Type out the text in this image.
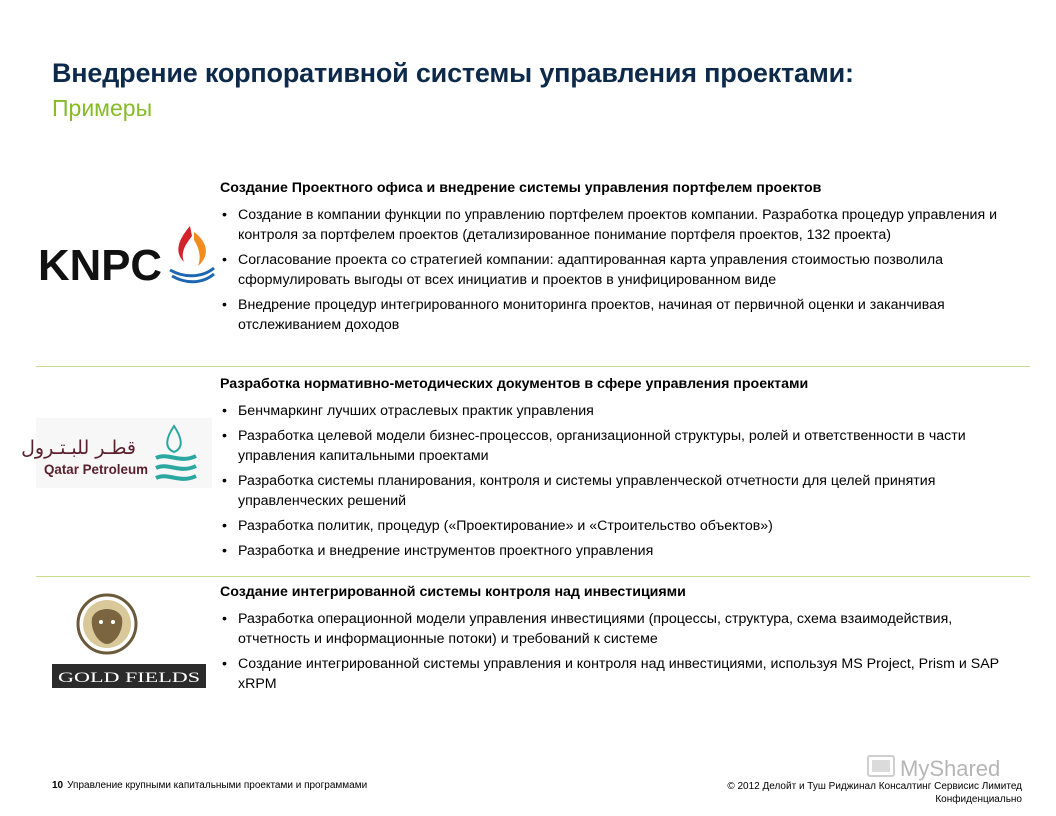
Внедрение корпоративной системы управления проектами:
Примеры
KNPC
Создание Проектного офиса и внедрение системы управления портфелем проектов
• Создание в компании функции по управлению портфелем проектов компании. Разработка процедур управления и контроля за портфелем проектов (детализированное понимание портфеля проектов, 132 проекта)
• Согласование проекта со стратегией компании: адаптированная карта управления стоимостью позволила сформулировать выгоды от всех инициатив и проектов в унифицированном виде
• Внедрение процедур интегрированного мониторинга проектов, начиная от первичной оценки и заканчивая отслеживанием доходов
قطـر للبـتـرول
Qatar Petroleum
Разработка нормативно-методических документов в сфере управления проектами
• Бенчмаркинг лучших отраслевых практик управления
• Разработка целевой модели бизнес-процессов, организационной структуры, ролей и ответственности в части управления капитальными проектами
• Разработка системы планирования, контроля и системы управленческой отчетности для целей принятия управленческих решений
• Разработка политик, процедур («Проектирование» и «Строительство объектов»)
• Разработка и внедрение инструментов проектного управления
GOLD FIELDS
Создание интегрированной системы контроля над инвестициями
• Разработка операционной модели управления инвестициями (процессы, структура, схема взаимодействия, отчетность и информационные потоки) и требований к системе
• Создание интегрированной системы управления и контроля над инвестициями, используя MS Project, Prism и SAP xRPM
10 Управление крупными капитальными проектами и программами	© 2012 Делойт и Туш Риджинал Консалтинг Сервисис Лимитед
Конфиденциально
MyShared
